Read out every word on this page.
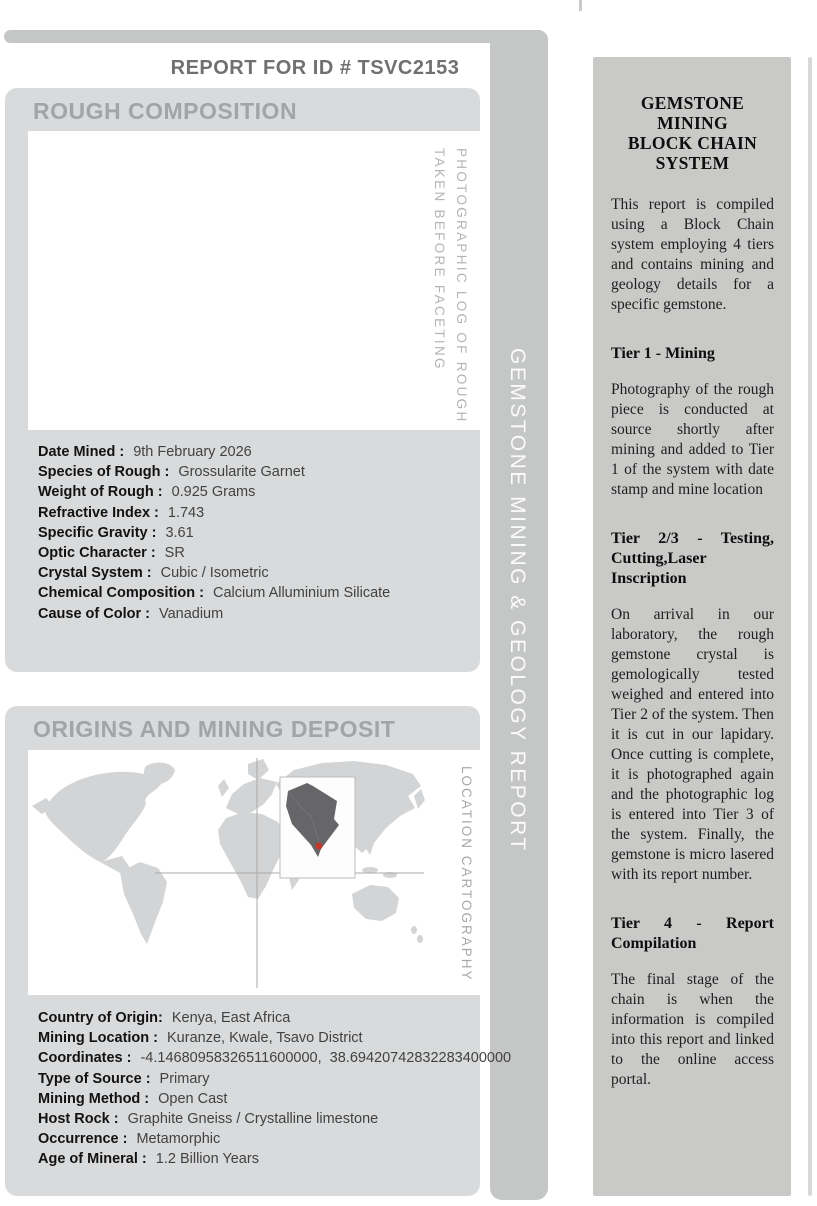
GEMSTONE MINING & GEOLOGY REPORT
REPORT FOR ID # TSVC2153
ROUGH COMPOSITION
PHOTOGRAPHIC LOG OF ROUGH
TAKEN BEFORE FACETING
Date Mined : 9th February 2026
Species of Rough : Grossularite Garnet
Weight of Rough : 0.925 Grams
Refractive Index : 1.743
Specific Gravity : 3.61
Optic Character : SR
Crystal System : Cubic / Isometric
Chemical Composition : Calcium Alluminium Silicate
Cause of Color : Vanadium
ORIGINS AND MINING DEPOSIT
LOCATION CARTOGRAPHY
Country of Origin: Kenya, East Africa
Mining Location : Kuranze, Kwale, Tsavo District
Coordinates : -4.14680958326511600000,  38.69420742832283400000
Type of Source : Primary
Mining Method : Open Cast
Host Rock : Graphite Gneiss / Crystalline limestone
Occurrence : Metamorphic
Age of Mineral : 1.2 Billion Years
GEMSTONE MINING BLOCK CHAIN SYSTEM

This report is compiled using a Block Chain system employing 4 tiers and contains mining and geology details for a specific gemstone.

Tier 1 - Mining

Photography of the rough piece is conducted at source shortly after mining and added to Tier 1 of the system with date stamp and mine location

Tier 2/3 - Testing, Cutting,Laser Inscription

On arrival in our laboratory, the rough gemstone crystal is gemologically tested weighed and entered into Tier 2 of the system. Then it is cut in our lapidary. Once cutting is complete, it is photographed again and the photographic log is entered into Tier 3 of the system. Finally, the gemstone is micro lasered with its report number.

Tier 4 - Report Compilation

The final stage of the chain is when the information is compiled into this report and linked to the online access portal.
